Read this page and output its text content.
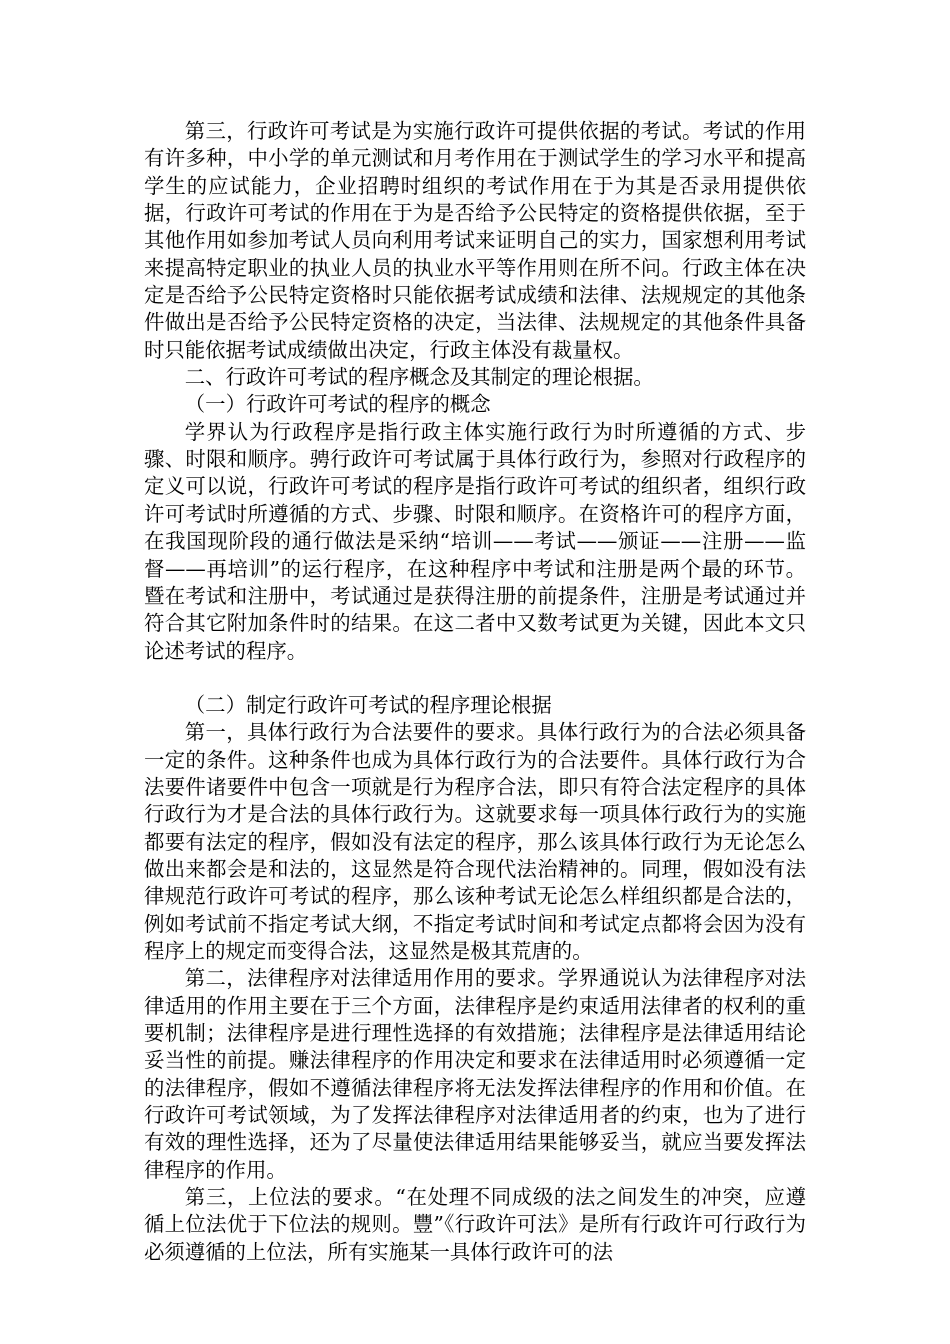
第三，行政许可考试是为实施行政许可提供依据的考试。考试的作用有许多种，中小学的单元测试和月考作用在于测试学生的学习水平和提高学生的应试能力，企业招聘时组织的考试作用在于为其是否录用提供依据，行政许可考试的作用在于为是否给予公民特定的资格提供依据，至于其他作用如参加考试人员向利用考试来证明自己的实力，国家想利用考试来提高特定职业的执业人员的执业水平等作用则在所不问。行政主体在决定是否给予公民特定资格时只能依据考试成绩和法律、法规规定的其他条件做出是否给予公民特定资格的决定，当法律、法规规定的其他条件具备时只能依据考试成绩做出决定，行政主体没有裁量权。

二、行政许可考试的程序概念及其制定的理论根据。

（一）行政许可考试的程序的概念

学界认为行政程序是指行政主体实施行政行为时所遵循的方式、步骤、时限和顺序。骋行政许可考试属于具体行政行为，参照对行政程序的定义可以说，行政许可考试的程序是指行政许可考试的组织者，组织行政许可考试时所遵循的方式、步骤、时限和顺序。在资格许可的程序方面，在我国现阶段的通行做法是采纳“培训——考试——颁证——注册——监督——再培训”的运行程序，在这种程序中考试和注册是两个最的环节。暨在考试和注册中，考试通过是获得注册的前提条件，注册是考试通过并符合其它附加条件时的结果。在这二者中又数考试更为关键，因此本文只论述考试的程序。

（二）制定行政许可考试的程序理论根据

第一，具体行政行为合法要件的要求。具体行政行为的合法必须具备一定的条件。这种条件也成为具体行政行为的合法要件。具体行政行为合法要件诸要件中包含一项就是行为程序合法，即只有符合法定程序的具体行政行为才是合法的具体行政行为。这就要求每一项具体行政行为的实施都要有法定的程序，假如没有法定的程序，那么该具体行政行为无论怎么做出来都会是和法的，这显然是符合现代法治精神的。同理，假如没有法律规范行政许可考试的程序，那么该种考试无论怎么样组织都是合法的，例如考试前不指定考试大纲，不指定考试时间和考试定点都将会因为没有程序上的规定而变得合法，这显然是极其荒唐的。

第二，法律程序对法律适用作用的要求。学界通说认为法律程序对法律适用的作用主要在于三个方面，法律程序是约束适用法律者的权利的重要机制；法律程序是进行理性选择的有效措施；法律程序是法律适用结论妥当性的前提。赚法律程序的作用决定和要求在法律适用时必须遵循一定的法律程序，假如不遵循法律程序将无法发挥法律程序的作用和价值。在行政许可考试领域，为了发挥法律程序对法律适用者的约束，也为了进行有效的理性选择，还为了尽量使法律适用结果能够妥当，就应当要发挥法律程序的作用。

第三，上位法的要求。“在处理不同成级的法之间发生的冲突，应遵循上位法优于下位法的规则。豐”《行政许可法》是所有行政许可行政行为必须遵循的上位法，所有实施某一具体行政许可的法
